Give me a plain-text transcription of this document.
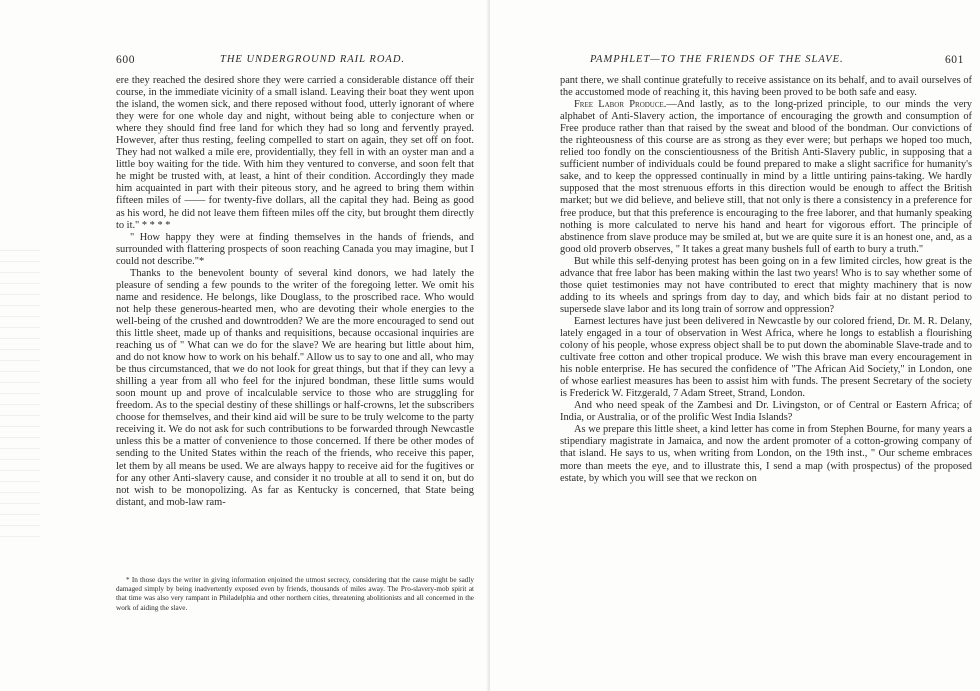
600	THE UNDERGROUND RAIL ROAD.

ere they reached the desired shore they were carried a considerable distance off their course, in the immediate vicinity of a small island. Leaving their boat they went upon the island, the women sick, and there reposed without food, utterly ignorant of where they were for one whole day and night, without being able to conjecture when or where they should find free land for which they had so long and fervently prayed. However, after thus resting, feeling compelled to start on again, they set off on foot. They had not walked a mile ere, providentially, they fell in with an oyster man and a little boy waiting for the tide. With him they ventured to converse, and soon felt that he might be trusted with, at least, a hint of their condition. Accordingly they made him acquainted in part with their piteous story, and he agreed to bring them within fifteen miles of —— for twenty-five dollars, all the capital they had. Being as good as his word, he did not leave them fifteen miles off the city, but brought them directly to it." * * * *

" How happy they were at finding themselves in the hands of friends, and surrounded with flattering prospects of soon reaching Canada you may imagine, but I could not describe."*

Thanks to the benevolent bounty of several kind donors, we had lately the pleasure of sending a few pounds to the writer of the foregoing letter. We omit his name and residence. He belongs, like Douglass, to the proscribed race. Who would not help these generous-hearted men, who are devoting their whole energies to the well-being of the crushed and downtrodden? We are the more encouraged to send out this little sheet, made up of thanks and requisitions, because occasional inquiries are reaching us of " What can we do for the slave? We are hearing but little about him, and do not know how to work on his behalf." Allow us to say to one and all, who may be thus circumstanced, that we do not look for great things, but that if they can levy a shilling a year from all who feel for the injured bondman, these little sums would soon mount up and prove of incalculable service to those who are struggling for freedom. As to the special destiny of these shillings or half-crowns, let the subscribers choose for themselves, and their kind aid will be sure to be truly welcome to the party receiving it. We do not ask for such contributions to be forwarded through Newcastle unless this be a matter of convenience to those concerned. If there be other modes of sending to the United States within the reach of the friends, who receive this paper, let them by all means be used. We are always happy to receive aid for the fugitives or for any other Anti-slavery cause, and consider it no trouble at all to send it on, but do not wish to be monopolizing. As far as Kentucky is concerned, that State being distant, and mob-law ram-

* In those days the writer in giving information enjoined the utmost secrecy, considering that the cause might be sadly damaged simply by being inadvertently exposed even by friends, thousands of miles away. The Pro-slavery-mob spirit at that time was also very rampant in Philadelphia and other northern cities, threatening abolitionists and all concerned in the work of aiding the slave.

PAMPHLET—TO THE FRIENDS OF THE SLAVE.	601

pant there, we shall continue gratefully to receive assistance on its behalf, and to avail ourselves of the accustomed mode of reaching it, this having been proved to be both safe and easy.

Free Labor Produce.—And lastly, as to the long-prized principle, to our minds the very alphabet of Anti-Slavery action, the importance of encouraging the growth and consumption of Free produce rather than that raised by the sweat and blood of the bondman. Our convictions of the righteousness of this course are as strong as they ever were; but perhaps we hoped too much, relied too fondly on the conscientiousness of the British Anti-Slavery public, in supposing that a sufficient number of individuals could be found prepared to make a slight sacrifice for humanity's sake, and to keep the oppressed continually in mind by a little untiring pains-taking. We hardly supposed that the most strenuous efforts in this direction would be enough to affect the British market; but we did believe, and believe still, that not only is there a consistency in a preference for free produce, but that this preference is encouraging to the free laborer, and that humanly speaking nothing is more calculated to nerve his hand and heart for vigorous effort. The principle of abstinence from slave produce may be smiled at, but we are quite sure it is an honest one, and, as a good old proverb observes, " It takes a great many bushels full of earth to bury a truth."

But while this self-denying protest has been going on in a few limited circles, how great is the advance that free labor has been making within the last two years! Who is to say whether some of those quiet testimonies may not have contributed to erect that mighty machinery that is now adding to its wheels and springs from day to day, and which bids fair at no distant period to supersede slave labor and its long train of sorrow and oppression?

Earnest lectures have just been delivered in Newcastle by our colored friend, Dr. M. R. Delany, lately engaged in a tour of observation in West Africa, where he longs to establish a flourishing colony of his people, whose express object shall be to put down the abominable Slave-trade and to cultivate free cotton and other tropical produce. We wish this brave man every encouragement in his noble enterprise. He has secured the confidence of "The African Aid Society," in London, one of whose earliest measures has been to assist him with funds. The present Secretary of the society is Frederick W. Fitzgerald, 7 Adam Street, Strand, London.

And who need speak of the Zambesi and Dr. Livingston, or of Central or Eastern Africa; of India, or Australia, or of the prolific West India Islands?

As we prepare this little sheet, a kind letter has come in from Stephen Bourne, for many years a stipendiary magistrate in Jamaica, and now the ardent promoter of a cotton-growing company of that island. He says to us, when writing from London, on the 19th inst., " Our scheme embraces more than meets the eye, and to illustrate this, I send a map (with prospectus) of the proposed estate, by which you will see that we reckon on
